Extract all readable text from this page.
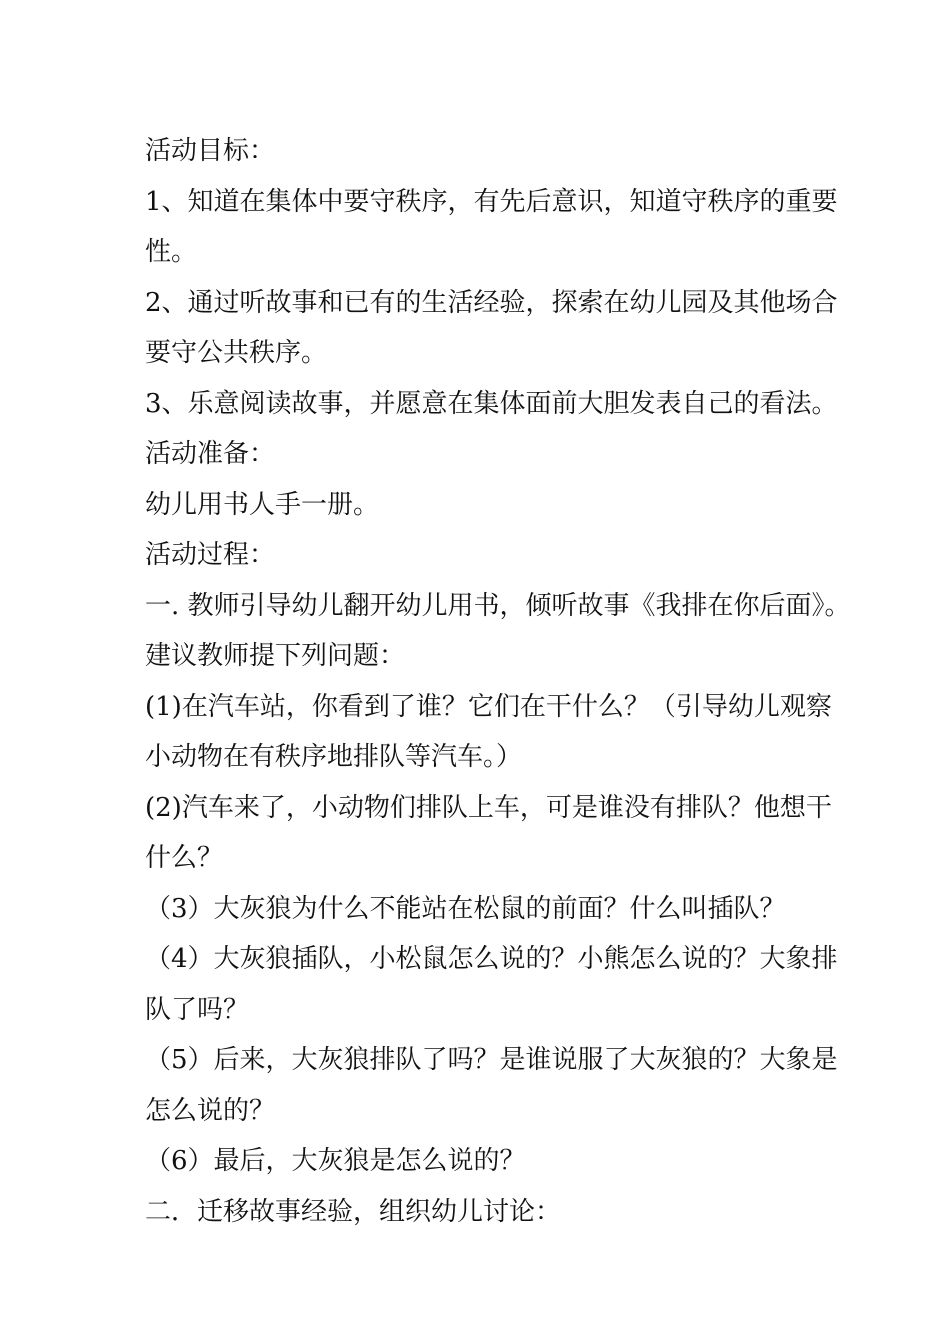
活动目标：
1、知道在集体中要守秩序，有先后意识，知道守秩序的重要
性。
2、通过听故事和已有的生活经验，探索在幼儿园及其他场合
要守公共秩序。
3、乐意阅读故事，并愿意在集体面前大胆发表自己的看法。
活动准备：
幼儿用书人手一册。
活动过程：
一. 教师引导幼儿翻开幼儿用书，倾听故事《我排在你后面》。
建议教师提下列问题：
(1)在汽车站，你看到了谁？它们在干什么？（引导幼儿观察
小动物在有秩序地排队等汽车。）
(2)汽车来了，小动物们排队上车，可是谁没有排队？他想干
什么？
（3）大灰狼为什么不能站在松鼠的前面？什么叫插队？
（4）大灰狼插队，小松鼠怎么说的？小熊怎么说的？大象排
队了吗？
（5）后来，大灰狼排队了吗？是谁说服了大灰狼的？大象是
怎么说的？
（6）最后，大灰狼是怎么说的？
二．迁移故事经验，组织幼儿讨论：
